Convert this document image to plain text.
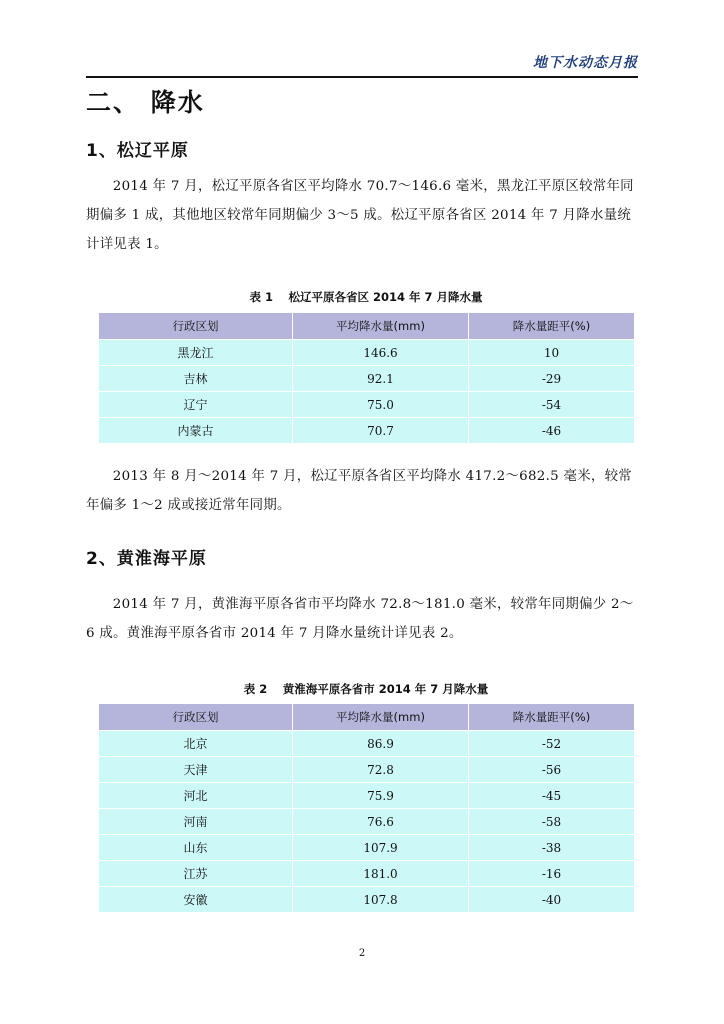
地下水动态月报
二、 降水
1、松辽平原

2014 年 7 月，松辽平原各省区平均降水 70.7～146.6 毫米，黑龙江平原区较常年同期偏多 1 成，其他地区较常年同期偏少 3～5 成。松辽平原各省区 2014 年 7 月降水量统计详见表 1。

表 1　 松辽平原各省区 2014 年 7 月降水量
行政区划	平均降水量(mm)	降水量距平(%)
黑龙江	146.6	10
吉林	92.1	-29
辽宁	75.0	-54
内蒙古	70.7	-46

2013 年 8 月～2014 年 7 月，松辽平原各省区平均降水 417.2～682.5 毫米，较常年偏多 1～2 成或接近常年同期。

2、黄淮海平原

2014 年 7 月，黄淮海平原各省市平均降水 72.8～181.0 毫米，较常年同期偏少 2～6 成。黄淮海平原各省市 2014 年 7 月降水量统计详见表 2。

表 2　 黄淮海平原各省市 2014 年 7 月降水量
行政区划	平均降水量(mm)	降水量距平(%)
北京	86.9	-52
天津	72.8	-56
河北	75.9	-45
河南	76.6	-58
山东	107.9	-38
江苏	181.0	-16
安徽	107.8	-40
2
